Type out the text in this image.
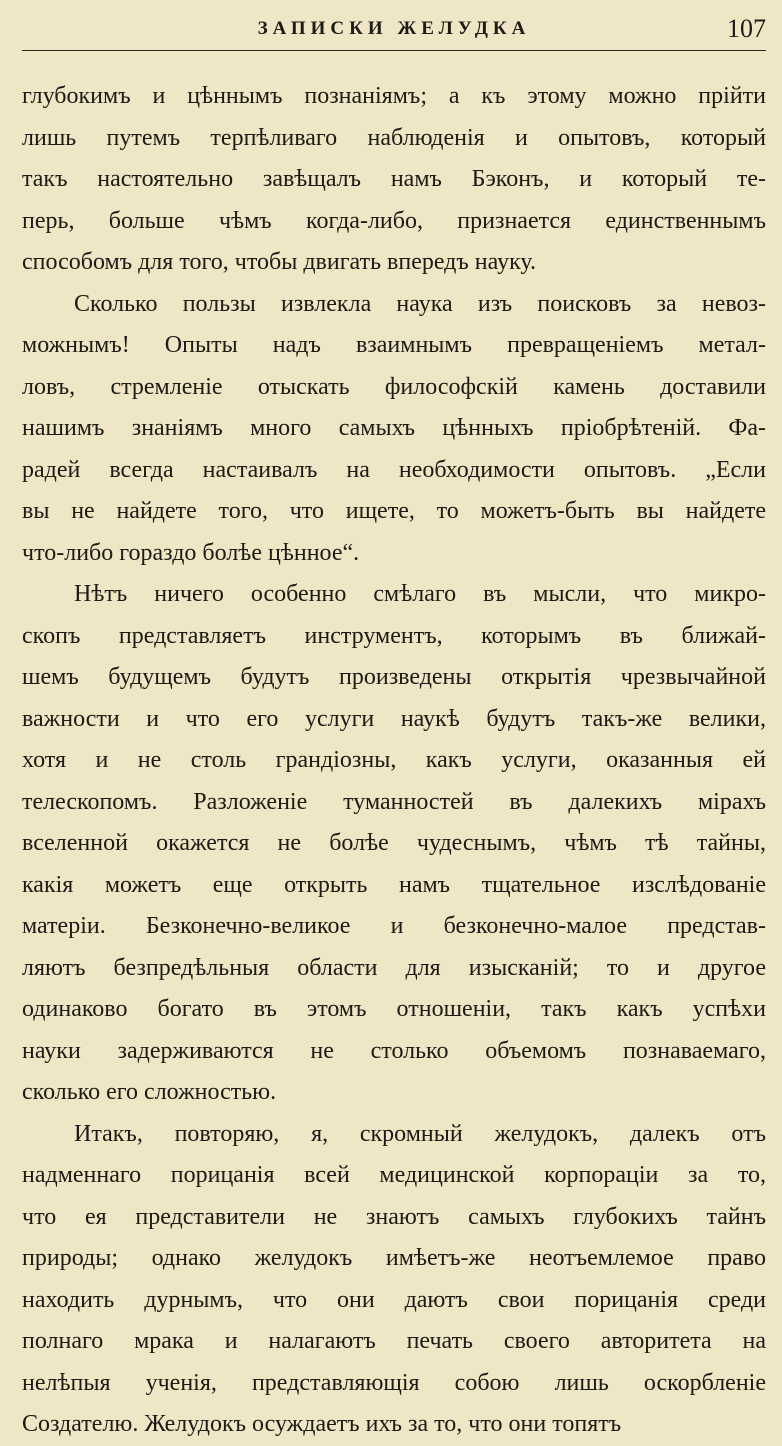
ЗАПИСКИ ЖЕЛУДКА	107
глубокимъ и цѣннымъ познаніямъ; а къ этому можно прійти
лишь путемъ терпѣливаго наблюденія и опытовъ, который
такъ настоятельно завѣщалъ намъ Бэконъ, и который те-
перь, больше чѣмъ когда-либо, признается единственнымъ
способомъ для того, чтобы двигать впередъ науку.
Сколько пользы извлекла наука изъ поисковъ за невоз-
можнымъ! Опыты надъ взаимнымъ превращеніемъ метал-
ловъ, стремленіе отыскать философскій камень доставили
нашимъ знаніямъ много самыхъ цѣнныхъ пріобрѣтеній. Фа-
радей всегда настаивалъ на необходимости опытовъ. „Если
вы не найдете того, что ищете, то можетъ-быть вы найдете
что-либо гораздо болѣе цѣнное“.
Нѣтъ ничего особенно смѣлаго въ мысли, что микро-
скопъ представляетъ инструментъ, которымъ въ ближай-
шемъ будущемъ будутъ произведены открытія чрезвычайной
важности и что его услуги наукѣ будутъ такъ-же велики,
хотя и не столь грандіозны, какъ услуги, оказанныя ей
телескопомъ. Разложеніе туманностей въ далекихъ мірахъ
вселенной окажется не болѣе чудеснымъ, чѣмъ тѣ тайны,
какія можетъ еще открыть намъ тщательное изслѣдованіе
матеріи. Безконечно-великое и безконечно-малое представ-
ляютъ безпредѣльныя области для изысканій; то и другое
одинаково богато въ этомъ отношеніи, такъ какъ успѣхи
науки задерживаются не столько объемомъ познаваемаго,
сколько его сложностью.
Итакъ, повторяю, я, скромный желудокъ, далекъ отъ
надменнаго порицанія всей медицинской корпораціи за то,
что ея представители не знаютъ самыхъ глубокихъ тайнъ
природы; однако желудокъ имѣетъ-же неотъемлемое право
находить дурнымъ, что они даютъ свои порицанія среди
полнаго мрака и налагаютъ печать своего авторитета на
нелѣпыя ученія, представляющія собою лишь оскорбленіе
Создателю. Желудокъ осуждаетъ ихъ за то, что они топятъ
